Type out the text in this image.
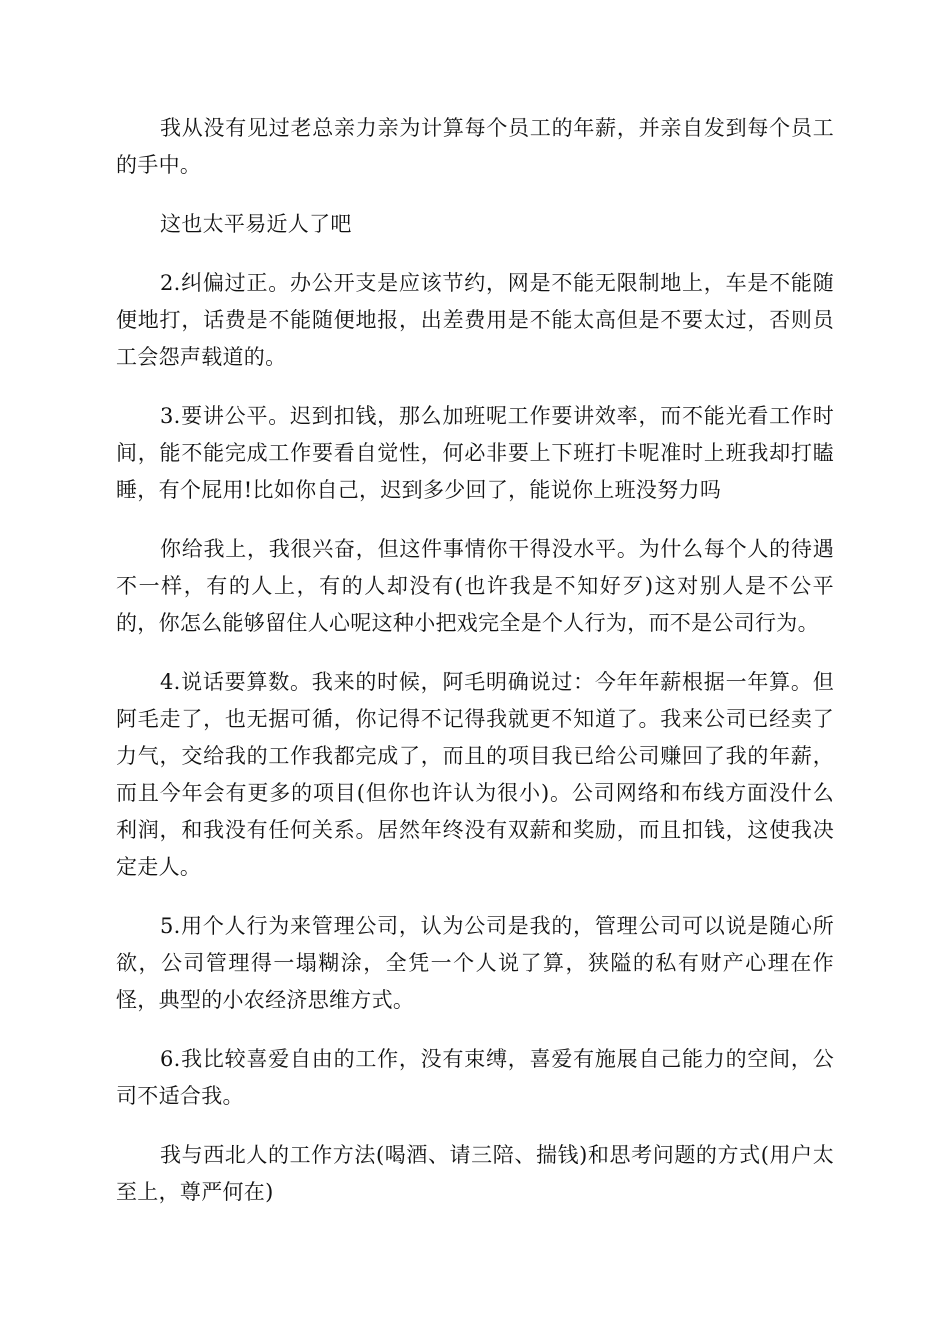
我从没有见过老总亲力亲为计算每个员工的年薪，并亲自发到每个员工的手中。

这也太平易近人了吧

2.纠偏过正。办公开支是应该节约，网是不能无限制地上，车是不能随便地打，话费是不能随便地报，出差费用是不能太高但是不要太过，否则员工会怨声载道的。

3.要讲公平。迟到扣钱，那么加班呢工作要讲效率，而不能光看工作时间，能不能完成工作要看自觉性，何必非要上下班打卡呢准时上班我却打瞌睡，有个屁用!比如你自己，迟到多少回了，能说你上班没努力吗

你给我上，我很兴奋，但这件事情你干得没水平。为什么每个人的待遇不一样，有的人上，有的人却没有(也许我是不知好歹)这对别人是不公平的，你怎么能够留住人心呢这种小把戏完全是个人行为，而不是公司行为。

4.说话要算数。我来的时候，阿毛明确说过：今年年薪根据一年算。但阿毛走了，也无据可循，你记得不记得我就更不知道了。我来公司已经卖了力气，交给我的工作我都完成了，而且的项目我已给公司赚回了我的年薪，而且今年会有更多的项目(但你也许认为很小)。公司网络和布线方面没什么利润，和我没有任何关系。居然年终没有双薪和奖励，而且扣钱，这使我决定走人。

5.用个人行为来管理公司，认为公司是我的，管理公司可以说是随心所欲，公司管理得一塌糊涂，全凭一个人说了算，狭隘的私有财产心理在作怪，典型的小农经济思维方式。

6.我比较喜爱自由的工作，没有束缚，喜爱有施展自己能力的空间，公司不适合我。

我与西北人的工作方法(喝酒、请三陪、揣钱)和思考问题的方式(用户太至上，尊严何在)
